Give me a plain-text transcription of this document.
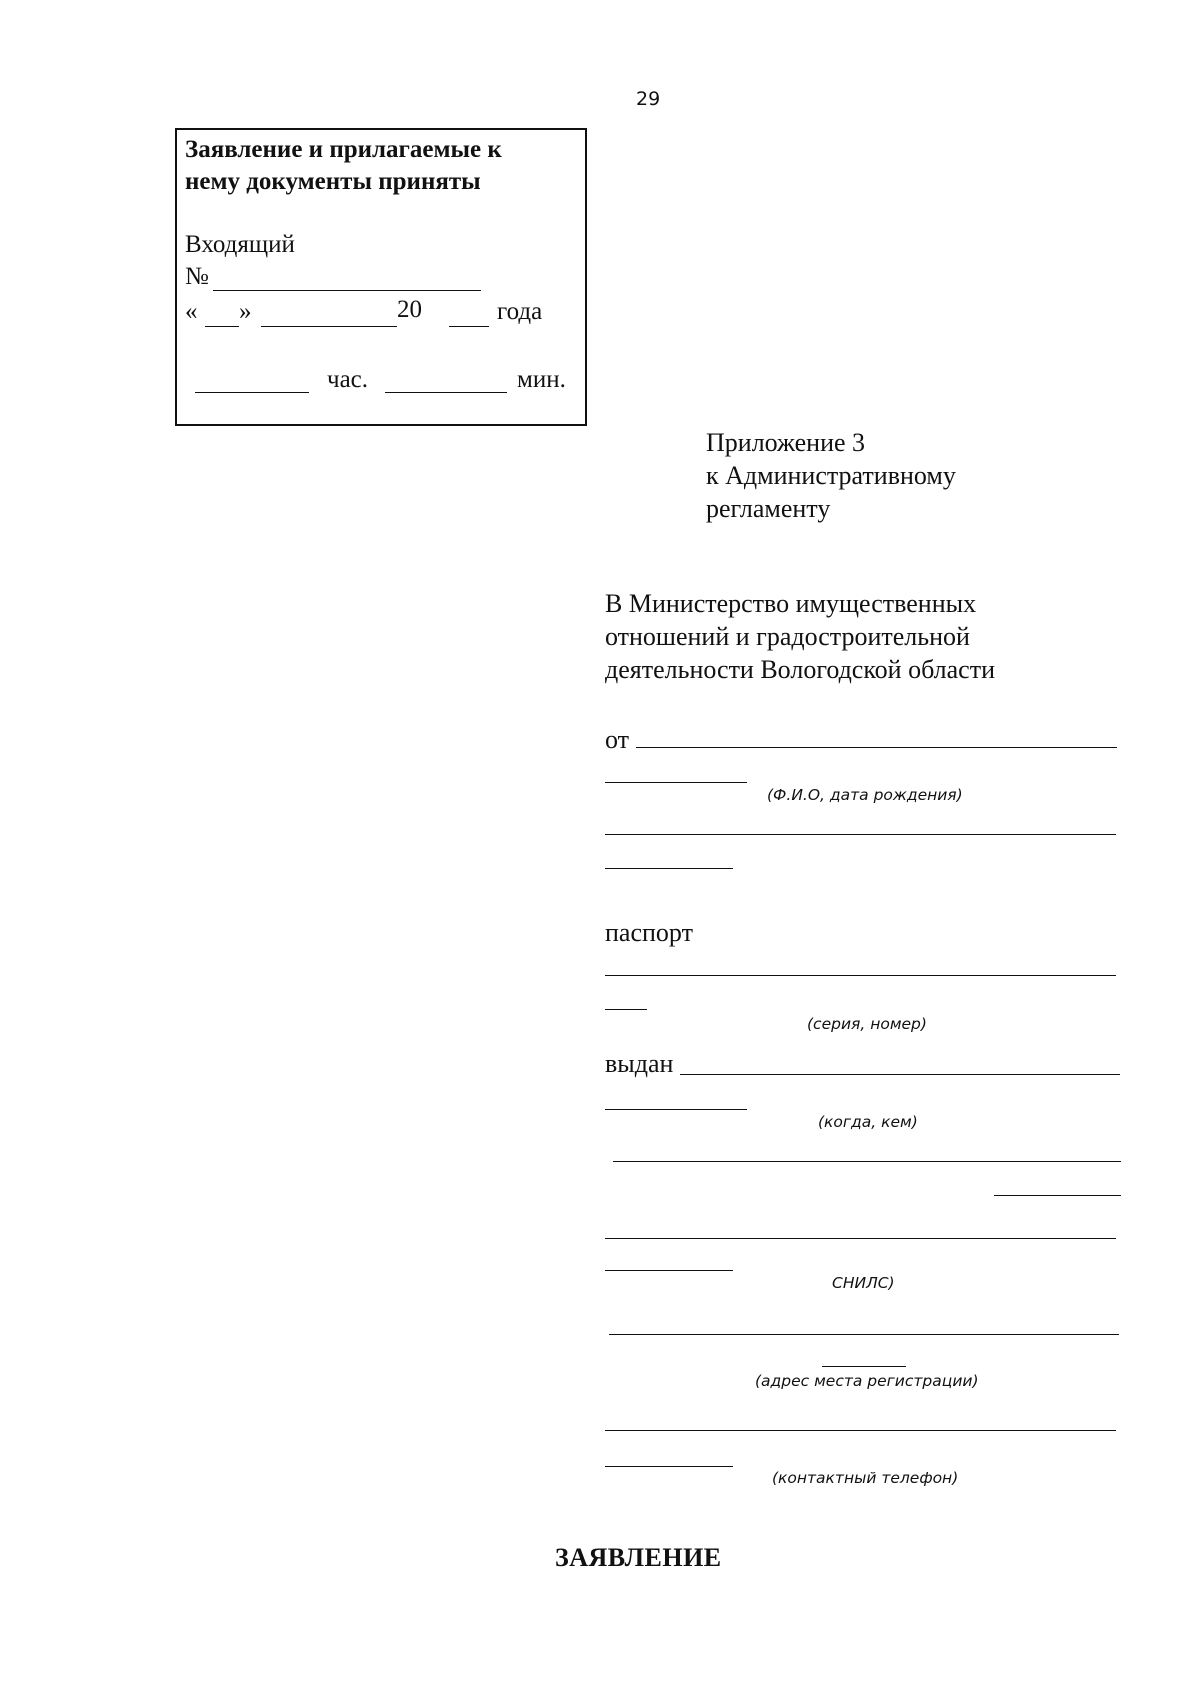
29
Заявление и прилагаемые к нему документы приняты
Входящий
№
« »	20	года
час.	мин.
Приложение 3
к Административному
регламенту
В Министерство имущественных
отношений и градостроительной
деятельности Вологодской области
от
(Ф.И.О, дата рождения)
паспорт
(серия, номер)
выдан
(когда, кем)
СНИЛС)
(адрес места регистрации)
(контактный телефон)
ЗАЯВЛЕНИЕ
